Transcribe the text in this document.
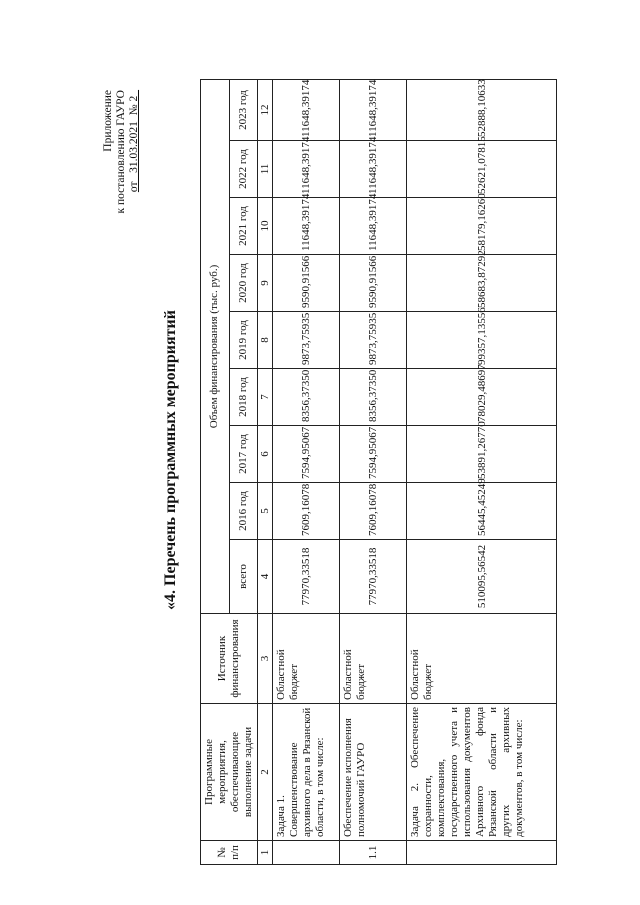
Приложение к постановлению ГАУРО от _31.03.2021_№ 2_
«4. Перечень программных мероприятий
№ п/п	Программные мероприятия, обеспечивающие выполнение задачи	Источник финансирования	Объем финансирования (тыс. руб.)								
			всего	2016 год	2017 год	2018 год	2019 год	2020 год	2021 год	2022 год	2023 год
1	2	3	4	5	6	7	8	9	10	11	12
	Задача 1. Совершенствование архивного дела в Рязанской области, в том числе:	Областной бюджет	77970,33518	7609,16078	7594,95067	8356,37350	9873,75935	9590,91566	11648,39174	11648,39174	11648,39174
1.1	Обеспечение исполнения полномочий ГАУРО	Областной бюджет	77970,33518	7609,16078	7594,95067	8356,37350	9873,75935	9590,91566	11648,39174	11648,39174	11648,39174
	Задача 2. Обеспечение сохранности, комплектования, государственного учета и использования документов Архивного фонда Рязанской области и других архивных документов, в том числе:	Областной бюджет	510095,56542	56445,45249	53891,26770	78029,48697	99357,13556	58683,87292	58179,16260	52621,07815	52888,10633
